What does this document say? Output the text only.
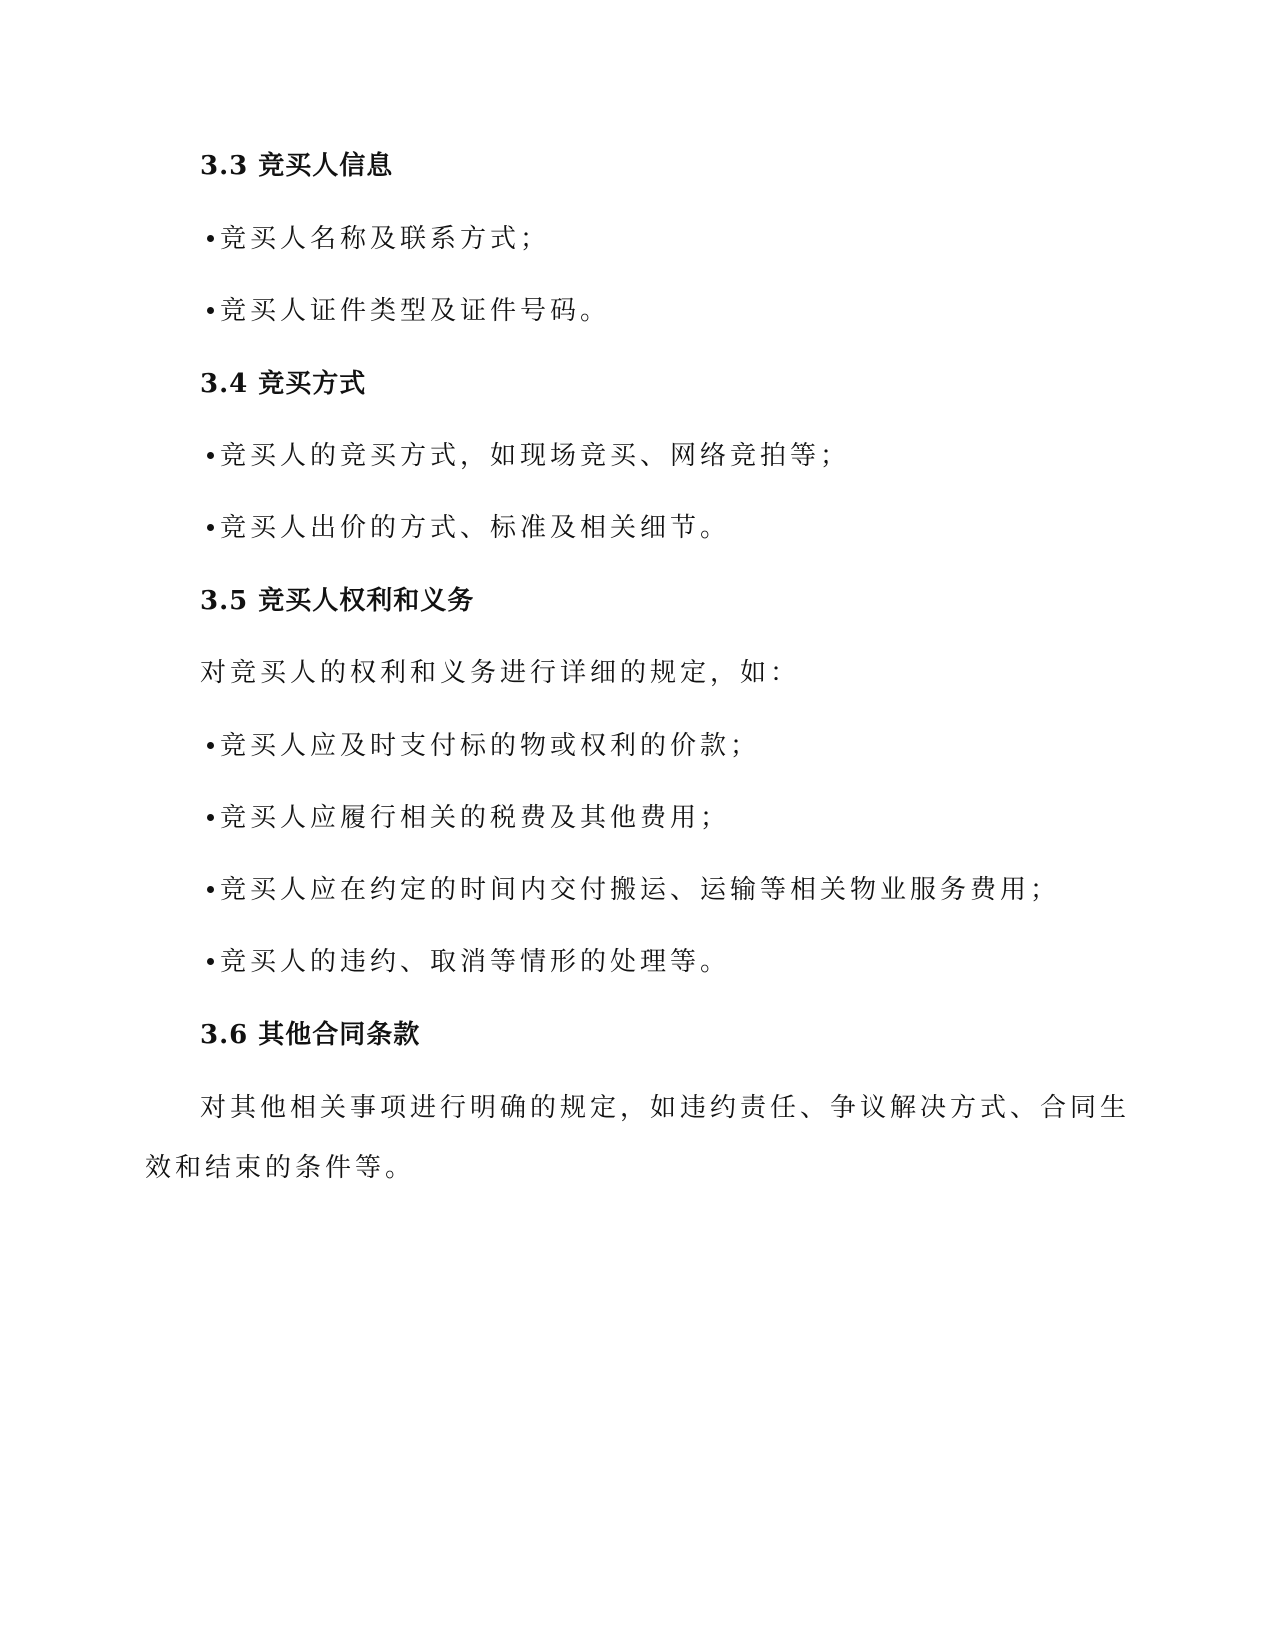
3.3 竞买人信息
竞买人名称及联系方式；
竞买人证件类型及证件号码。
3.4 竞买方式
竞买人的竞买方式，如现场竞买、网络竞拍等；
竞买人出价的方式、标准及相关细节。
3.5 竞买人权利和义务
对竞买人的权利和义务进行详细的规定，如：
竞买人应及时支付标的物或权利的价款；
竞买人应履行相关的税费及其他费用；
竞买人应在约定的时间内交付搬运、运输等相关物业服务费用；
竞买人的违约、取消等情形的处理等。
3.6 其他合同条款
对其他相关事项进行明确的规定，如违约责任、争议解决方式、合同生
效和结束的条件等。
